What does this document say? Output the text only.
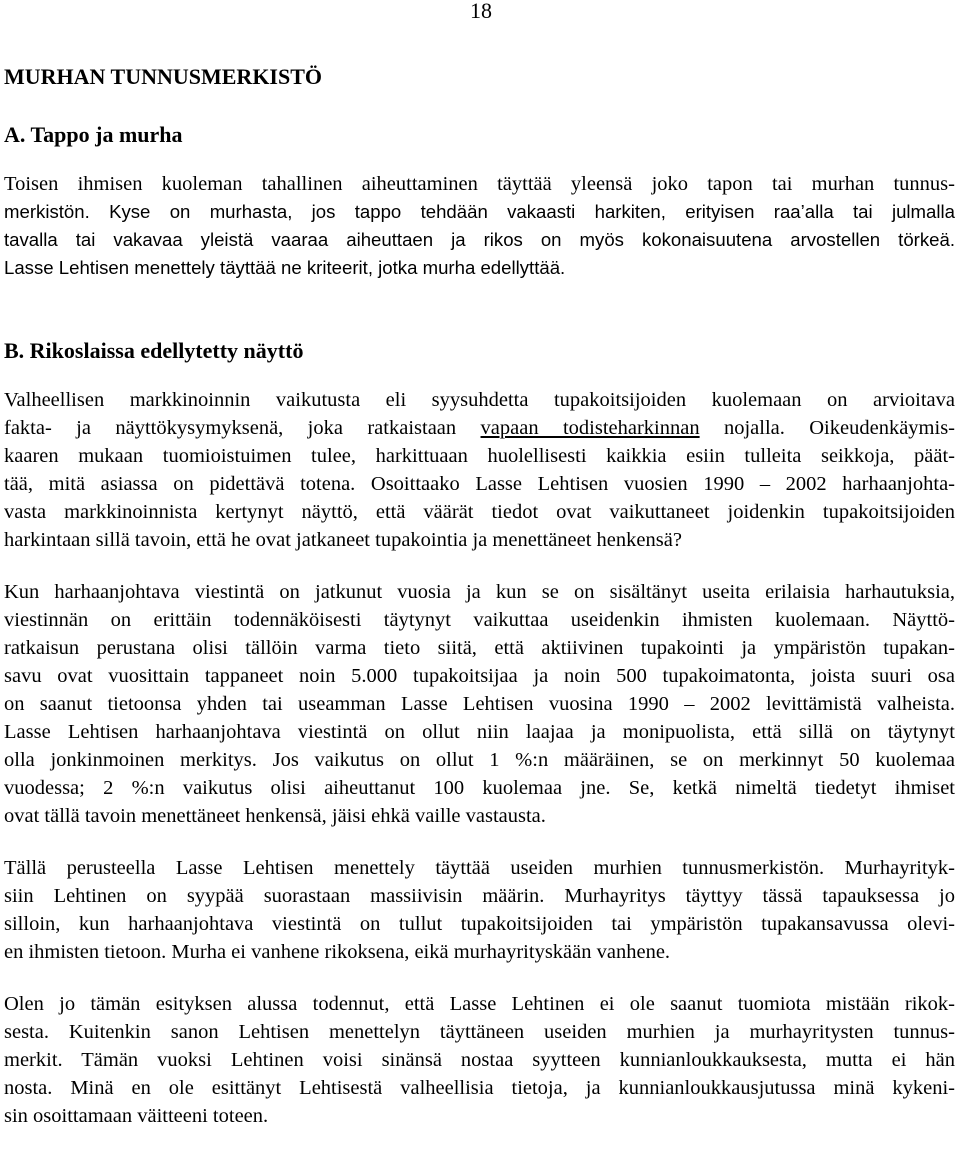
18
MURHAN TUNNUSMERKISTÖ
A. Tappo ja murha

Toisen ihmisen kuoleman tahallinen aiheuttaminen täyttää yleensä joko tapon tai murhan tunnus-
merkistön. Kyse on murhasta, jos tappo tehdään vakaasti harkiten, erityisen raa’alla tai julmalla
tavalla tai vakavaa yleistä vaaraa aiheuttaen ja rikos on myös kokonaisuutena arvostellen törkeä.
Lasse Lehtisen menettely täyttää ne kriteerit, jotka murha edellyttää.

B. Rikoslaissa edellytetty näyttö

Valheellisen markkinoinnin vaikutusta eli syysuhdetta tupakoitsijoiden kuolemaan on arvioitava
fakta- ja näyttökysymyksenä, joka ratkaistaan vapaan todisteharkinnan nojalla. Oikeudenkäymis-
kaaren mukaan tuomioistuimen tulee, harkittuaan huolellisesti kaikkia esiin tulleita seikkoja, päät-
tää, mitä asiassa on pidettävä totena. Osoittaako Lasse Lehtisen vuosien 1990 – 2002 harhaanjohta-
vasta markkinoinnista kertynyt näyttö, että väärät tiedot ovat vaikuttaneet joidenkin tupakoitsijoiden
harkintaan sillä tavoin, että he ovat jatkaneet tupakointia ja menettäneet henkensä?

Kun harhaanjohtava viestintä on jatkunut vuosia ja kun se on sisältänyt useita erilaisia harhautuksia,
viestinnän on erittäin todennäköisesti täytynyt vaikuttaa useidenkin ihmisten kuolemaan. Näyttö-
ratkaisun perustana olisi tällöin varma tieto siitä, että aktiivinen tupakointi ja ympäristön tupakan-
savu ovat vuosittain tappaneet noin 5.000 tupakoitsijaa ja noin 500 tupakoimatonta, joista suuri osa
on saanut tietoonsa yhden tai useamman Lasse Lehtisen vuosina 1990 – 2002 levittämistä valheista.
Lasse Lehtisen harhaanjohtava viestintä on ollut niin laajaa ja monipuolista, että sillä on täytynyt
olla jonkinmoinen merkitys. Jos vaikutus on ollut 1 %:n määräinen, se on merkinnyt 50 kuolemaa
vuodessa; 2 %:n vaikutus olisi aiheuttanut 100 kuolemaa jne. Se, ketkä nimeltä tiedetyt ihmiset
ovat tällä tavoin menettäneet henkensä, jäisi ehkä vaille vastausta.

Tällä perusteella Lasse Lehtisen menettely täyttää useiden murhien tunnusmerkistön. Murhayrityk-
siin Lehtinen on syypää suorastaan massiivisin määrin. Murhayritys täyttyy tässä tapauksessa jo
silloin, kun harhaanjohtava viestintä on tullut tupakoitsijoiden tai ympäristön tupakansavussa olevi-
en ihmisten tietoon. Murha ei vanhene rikoksena, eikä murhayrityskään vanhene.

Olen jo tämän esityksen alussa todennut, että Lasse Lehtinen ei ole saanut tuomiota mistään rikok-
sesta. Kuitenkin sanon Lehtisen menettelyn täyttäneen useiden murhien ja murhayritysten tunnus-
merkit. Tämän vuoksi Lehtinen voisi sinänsä nostaa syytteen kunnianloukkauksesta, mutta ei hän
nosta. Minä en ole esittänyt Lehtisestä valheellisia tietoja, ja kunnianloukkausjutussa minä kykeni-
sin osoittamaan väitteeni toteen.
